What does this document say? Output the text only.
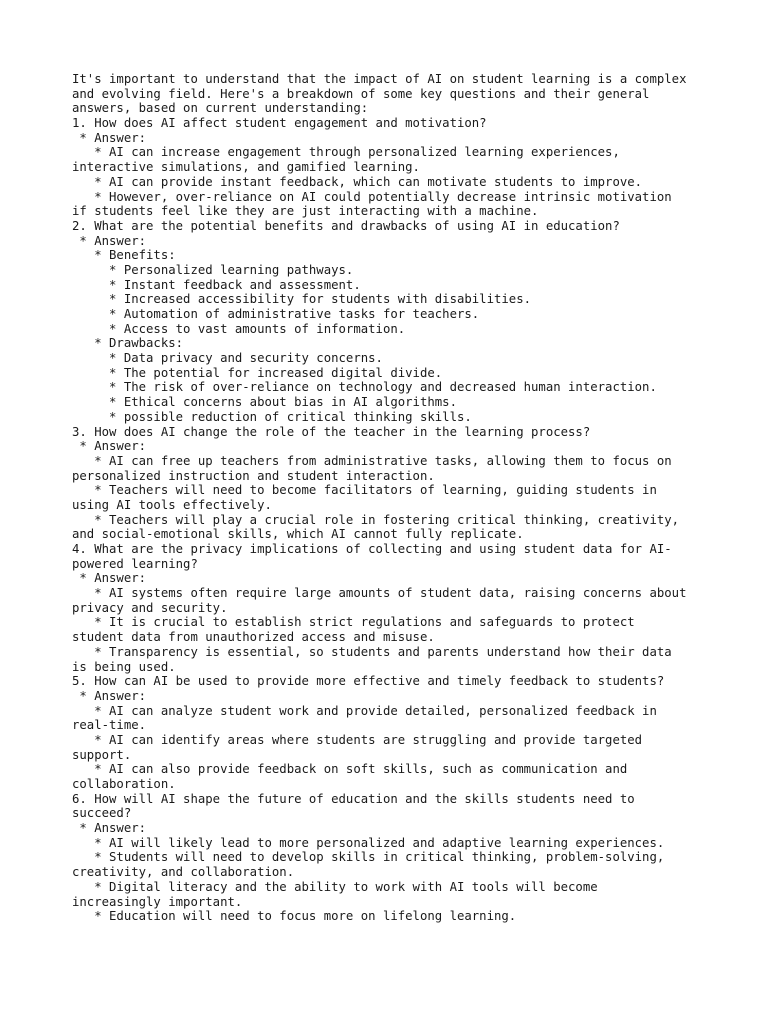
It's important to understand that the impact of AI on student learning is a complex
and evolving field. Here's a breakdown of some key questions and their general
answers, based on current understanding:
1. How does AI affect student engagement and motivation?
* Answer:
* AI can increase engagement through personalized learning experiences,
interactive simulations, and gamified learning.
* AI can provide instant feedback, which can motivate students to improve.
* However, over-reliance on AI could potentially decrease intrinsic motivation
if students feel like they are just interacting with a machine.
2. What are the potential benefits and drawbacks of using AI in education?
* Answer:
* Benefits:
* Personalized learning pathways.
* Instant feedback and assessment.
* Increased accessibility for students with disabilities.
* Automation of administrative tasks for teachers.
* Access to vast amounts of information.
* Drawbacks:
* Data privacy and security concerns.
* The potential for increased digital divide.
* The risk of over-reliance on technology and decreased human interaction.
* Ethical concerns about bias in AI algorithms.
* possible reduction of critical thinking skills.
3. How does AI change the role of the teacher in the learning process?
* Answer:
* AI can free up teachers from administrative tasks, allowing them to focus on
personalized instruction and student interaction.
* Teachers will need to become facilitators of learning, guiding students in
using AI tools effectively.
* Teachers will play a crucial role in fostering critical thinking, creativity,
and social-emotional skills, which AI cannot fully replicate.
4. What are the privacy implications of collecting and using student data for AI-
powered learning?
* Answer:
* AI systems often require large amounts of student data, raising concerns about
privacy and security.
* It is crucial to establish strict regulations and safeguards to protect
student data from unauthorized access and misuse.
* Transparency is essential, so students and parents understand how their data
is being used.
5. How can AI be used to provide more effective and timely feedback to students?
* Answer:
* AI can analyze student work and provide detailed, personalized feedback in
real-time.
* AI can identify areas where students are struggling and provide targeted
support.
* AI can also provide feedback on soft skills, such as communication and
collaboration.
6. How will AI shape the future of education and the skills students need to
succeed?
* Answer:
* AI will likely lead to more personalized and adaptive learning experiences.
* Students will need to develop skills in critical thinking, problem-solving,
creativity, and collaboration.
* Digital literacy and the ability to work with AI tools will become
increasingly important.
* Education will need to focus more on lifelong learning.
